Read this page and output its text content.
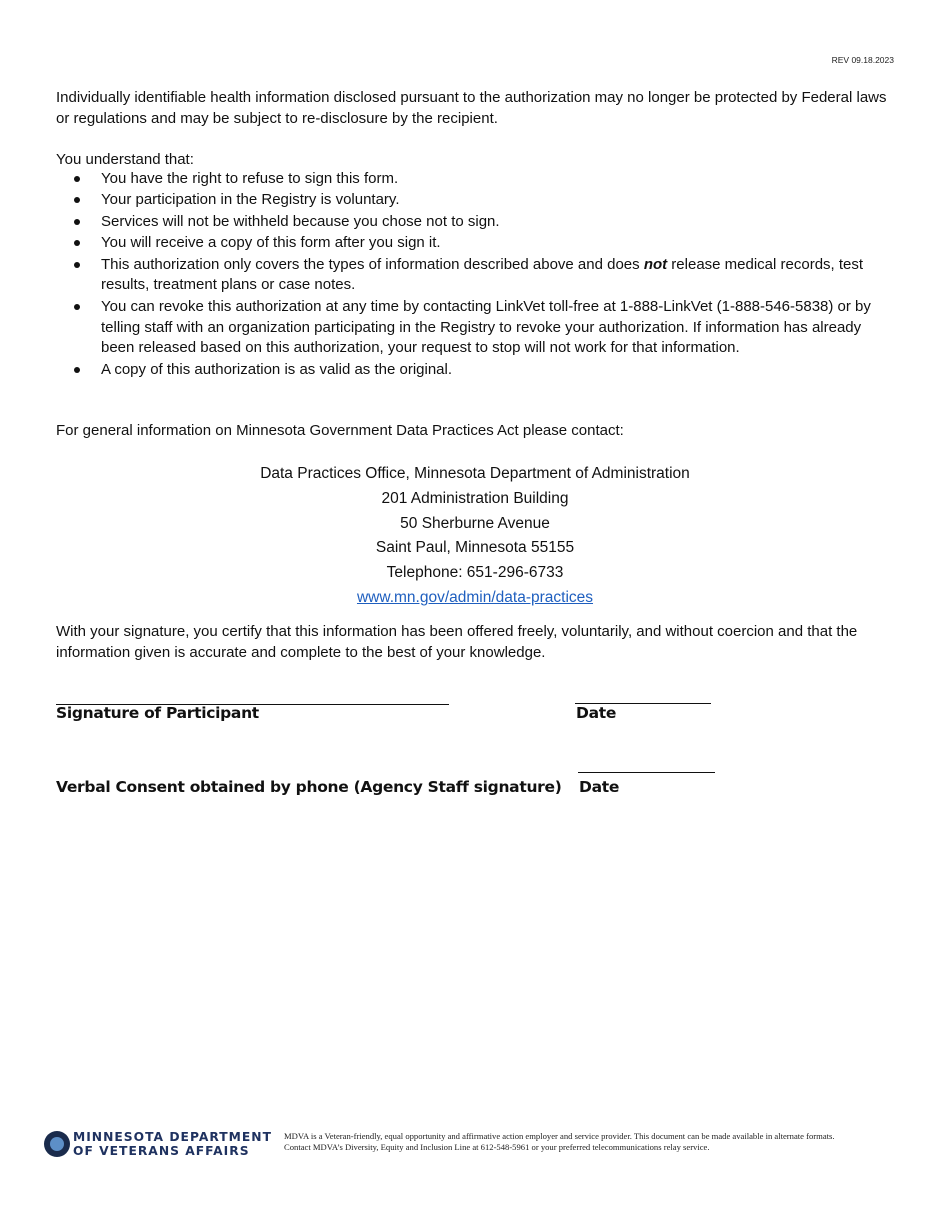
REV 09.18.2023

Individually identifiable health information disclosed pursuant to the authorization may no longer be protected by Federal laws or regulations and may be subject to re-disclosure by the recipient.

You understand that:

You have the right to refuse to sign this form.
Your participation in the Registry is voluntary.
Services will not be withheld because you chose not to sign.
You will receive a copy of this form after you sign it.
This authorization only covers the types of information described above and does not release medical records, test results, treatment plans or case notes.
You can revoke this authorization at any time by contacting LinkVet toll-free at 1-888-LinkVet (1-888-546-5838) or by telling staff with an organization participating in the Registry to revoke your authorization. If information has already been released based on this authorization, your request to stop will not work for that information.
A copy of this authorization is as valid as the original.

For general information on Minnesota Government Data Practices Act please contact:

Data Practices Office, Minnesota Department of Administration
201 Administration Building
50 Sherburne Avenue
Saint Paul, Minnesota 55155
Telephone: 651-296-6733
www.mn.gov/admin/data-practices

With your signature, you certify that this information has been offered freely, voluntarily, and without coercion and that the information given is accurate and complete to the best of your knowledge.

Signature of Participant	Date
Verbal Consent obtained by phone (Agency Staff signature) Date
MINNESOTA DEPARTMENT
OF VETERANS AFFAIRS
MDVA is a Veteran-friendly, equal opportunity and affirmative action employer and service provider. This document can be made available in alternate formats.
Contact MDVA’s Diversity, Equity and Inclusion Line at 612-548-5961 or your preferred telecommunications relay service.
